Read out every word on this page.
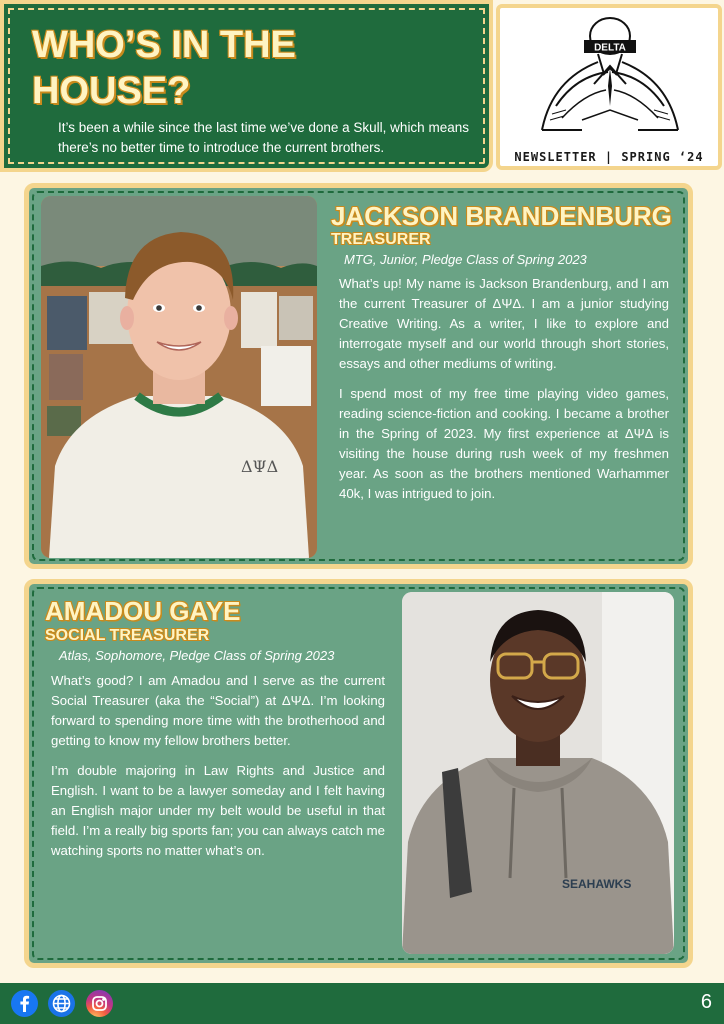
WHO’S IN THE
HOUSE?

It’s been a while since the last time we’ve done a Skull, which means there’s no better time to introduce the current brothers.

DELTA
NEWSLETTER | SPRING ‘24
ΔΨΔ
JACKSON BRANDENBURG
TREASURER
MTG, Junior, Pledge Class of Spring 2023

What’s up! My name is Jackson Brandenburg, and I am the current Treasurer of ΔΨΔ. I am a junior studying Creative Writing. As a writer, I like to explore and interrogate myself and our world through short stories, essays and other mediums of writing.

I spend most of my free time playing video games, reading science-fiction and cooking. I became a brother in the Spring of 2023. My first experience at ΔΨΔ is visiting the house during rush week of my freshmen year. As soon as the brothers mentioned Warhammer 40k, I was intrigued to join.

AMADOU GAYE
SOCIAL TREASURER
Atlas, Sophomore, Pledge Class of Spring 2023

What’s good? I am Amadou and I serve as the current Social Treasurer (aka the “Social”) at ΔΨΔ. I’m looking forward to spending more time with the brotherhood and getting to know my fellow brothers better.

I’m double majoring in Law Rights and Justice and English. I want to be a lawyer someday and I felt having an English major under my belt would be useful in that field. I’m a really big sports fan; you can always catch me watching sports no matter what’s on.

SEAHAWKS
6
